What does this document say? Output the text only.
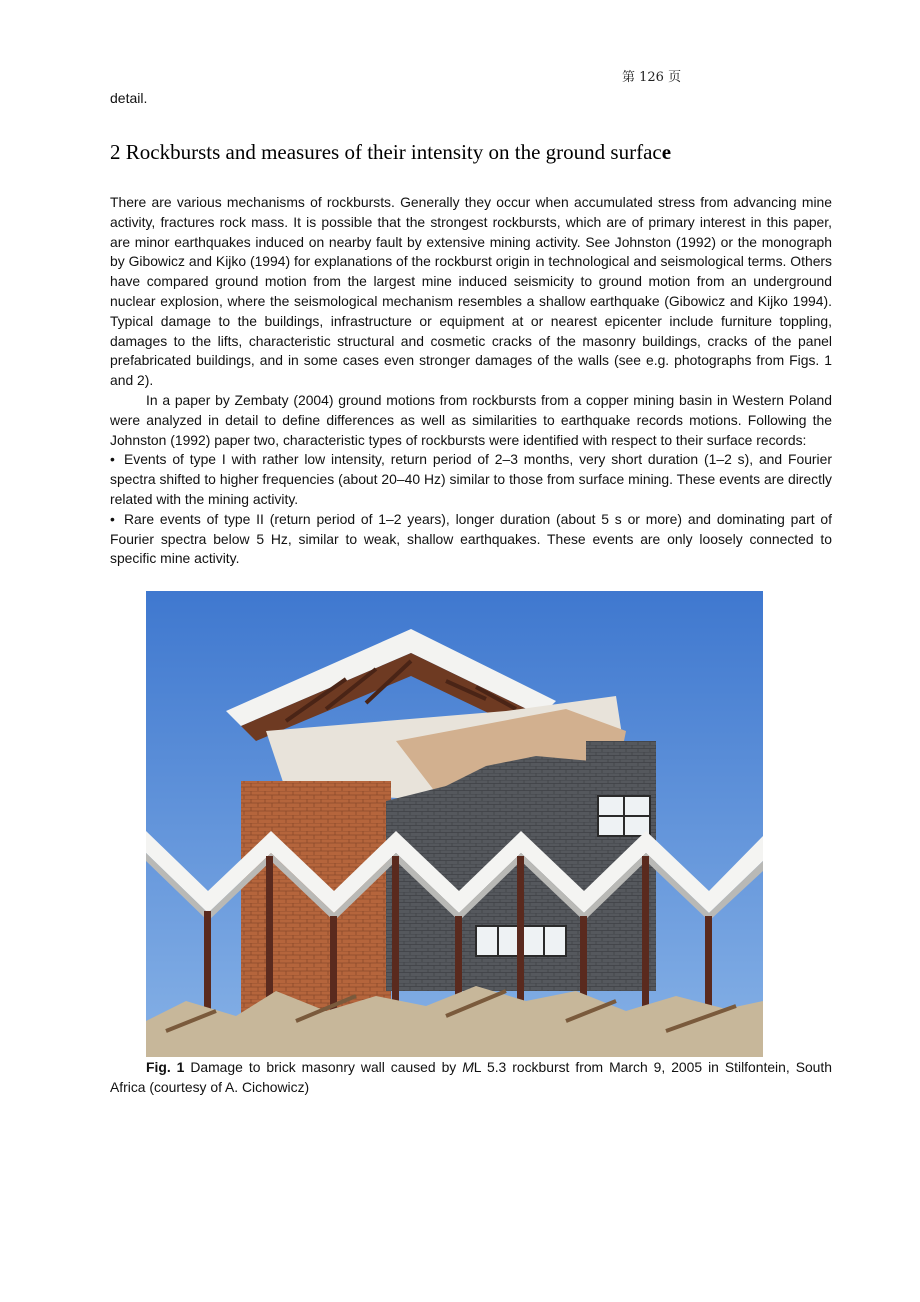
第 126 页
detail.
2 Rockbursts and measures of their intensity on the ground surface

There are various mechanisms of rockbursts. Generally they occur when accumulated stress from advancing mine activity, fractures rock mass. It is possible that the strongest rockbursts, which are of primary interest in this paper, are minor earthquakes induced on nearby fault by extensive mining activity. See Johnston (1992) or the monograph by Gibowicz and Kijko (1994) for explanations of the rockburst origin in technological and seismological terms. Others have compared ground motion from the largest mine induced seismicity to ground motion from an underground nuclear explosion, where the seismological mechanism resembles a shallow earthquake (Gibowicz and Kijko 1994). Typical damage to the buildings, infrastructure or equipment at or nearest epicenter include furniture toppling, damages to the lifts, characteristic structural and cosmetic cracks of the masonry buildings, cracks of the panel prefabricated buildings, and in some cases even stronger damages of the walls (see e.g. photographs from Figs. 1 and 2).

In a paper by Zembaty (2004) ground motions from rockbursts from a copper mining basin in Western Poland were analyzed in detail to define differences as well as similarities to earthquake records motions. Following the Johnston (1992) paper two, characteristic types of rockbursts were identified with respect to their surface records:

• Events of type I with rather low intensity, return period of 2–3 months, very short duration (1–2 s), and Fourier spectra shifted to higher frequencies (about 20–40 Hz) similar to those from surface mining. These events are directly related with the mining activity.

• Rare events of type II (return period of 1–2 years), longer duration (about 5 s or more) and dominating part of Fourier spectra below 5 Hz, similar to weak, shallow earthquakes. These events are only loosely connected to specific mine activity.

Fig. 1 Damage to brick masonry wall caused by ML 5.3 rockburst from March 9, 2005 in Stilfontein, South Africa (courtesy of A. Cichowicz)
